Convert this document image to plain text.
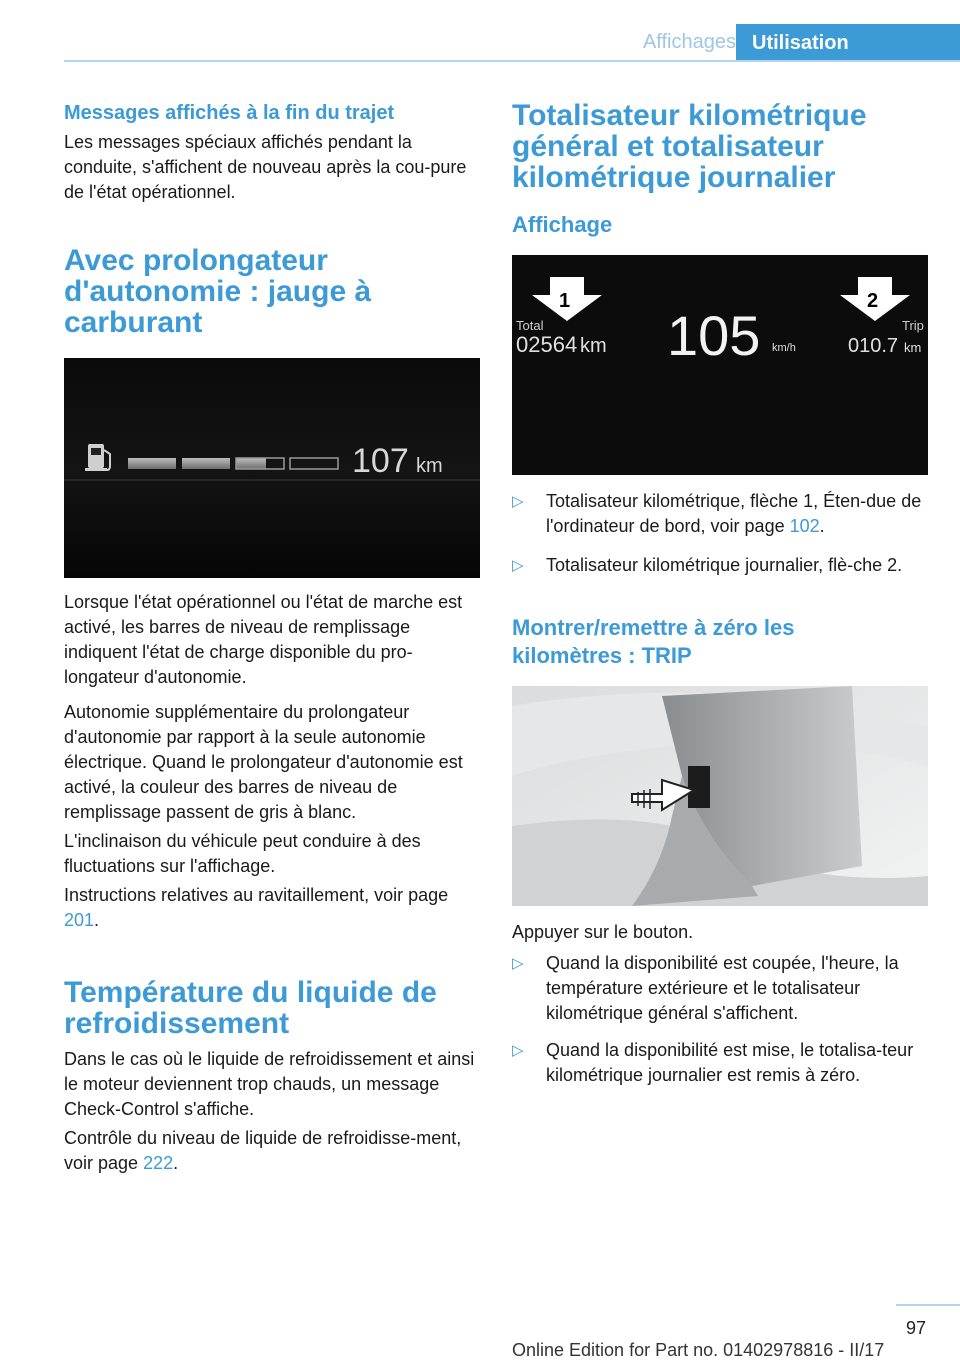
Affichages Utilisation
Messages affichés à la fin du trajet

Les messages spéciaux affichés pendant la conduite, s'affichent de nouveau après la cou-pure de l'état opérationnel.

Avec prolongateur d'autonomie : jauge à carburant
107 km

Lorsque l'état opérationnel ou l'état de marche est activé, les barres de niveau de remplissage indiquent l'état de charge disponible du pro-longateur d'autonomie.

Autonomie supplémentaire du prolongateur d'autonomie par rapport à la seule autonomie électrique. Quand le prolongateur d'autonomie est activé, la couleur des barres de niveau de remplissage passent de gris à blanc.

L'inclinaison du véhicule peut conduire à des fluctuations sur l'affichage.

Instructions relatives au ravitaillement, voir page 201.

Température du liquide de refroidissement

Dans le cas où le liquide de refroidissement et ainsi le moteur deviennent trop chauds, un message Check-Control s'affiche.

Contrôle du niveau de liquide de refroidisse-ment, voir page 222.

Totalisateur kilométrique général et totalisateur kilométrique journalier
Affichage
1	2
Total
02564 km 105 km/h
Trip
010.7 km
▷ Totalisateur kilométrique, flèche 1, Éten-due de l'ordinateur de bord, voir page 102.
▷ Totalisateur kilométrique journalier, flè-che 2.
Montrer/remettre à zéro les kilomètres : TRIP

Appuyer sur le bouton.

▷ Quand la disponibilité est coupée, l'heure, la température extérieure et le totalisateur kilométrique général s'affichent.
▷ Quand la disponibilité est mise, le totalisa-teur kilométrique journalier est remis à zéro.
97
Online Edition for Part no. 01402978816 - II/17
